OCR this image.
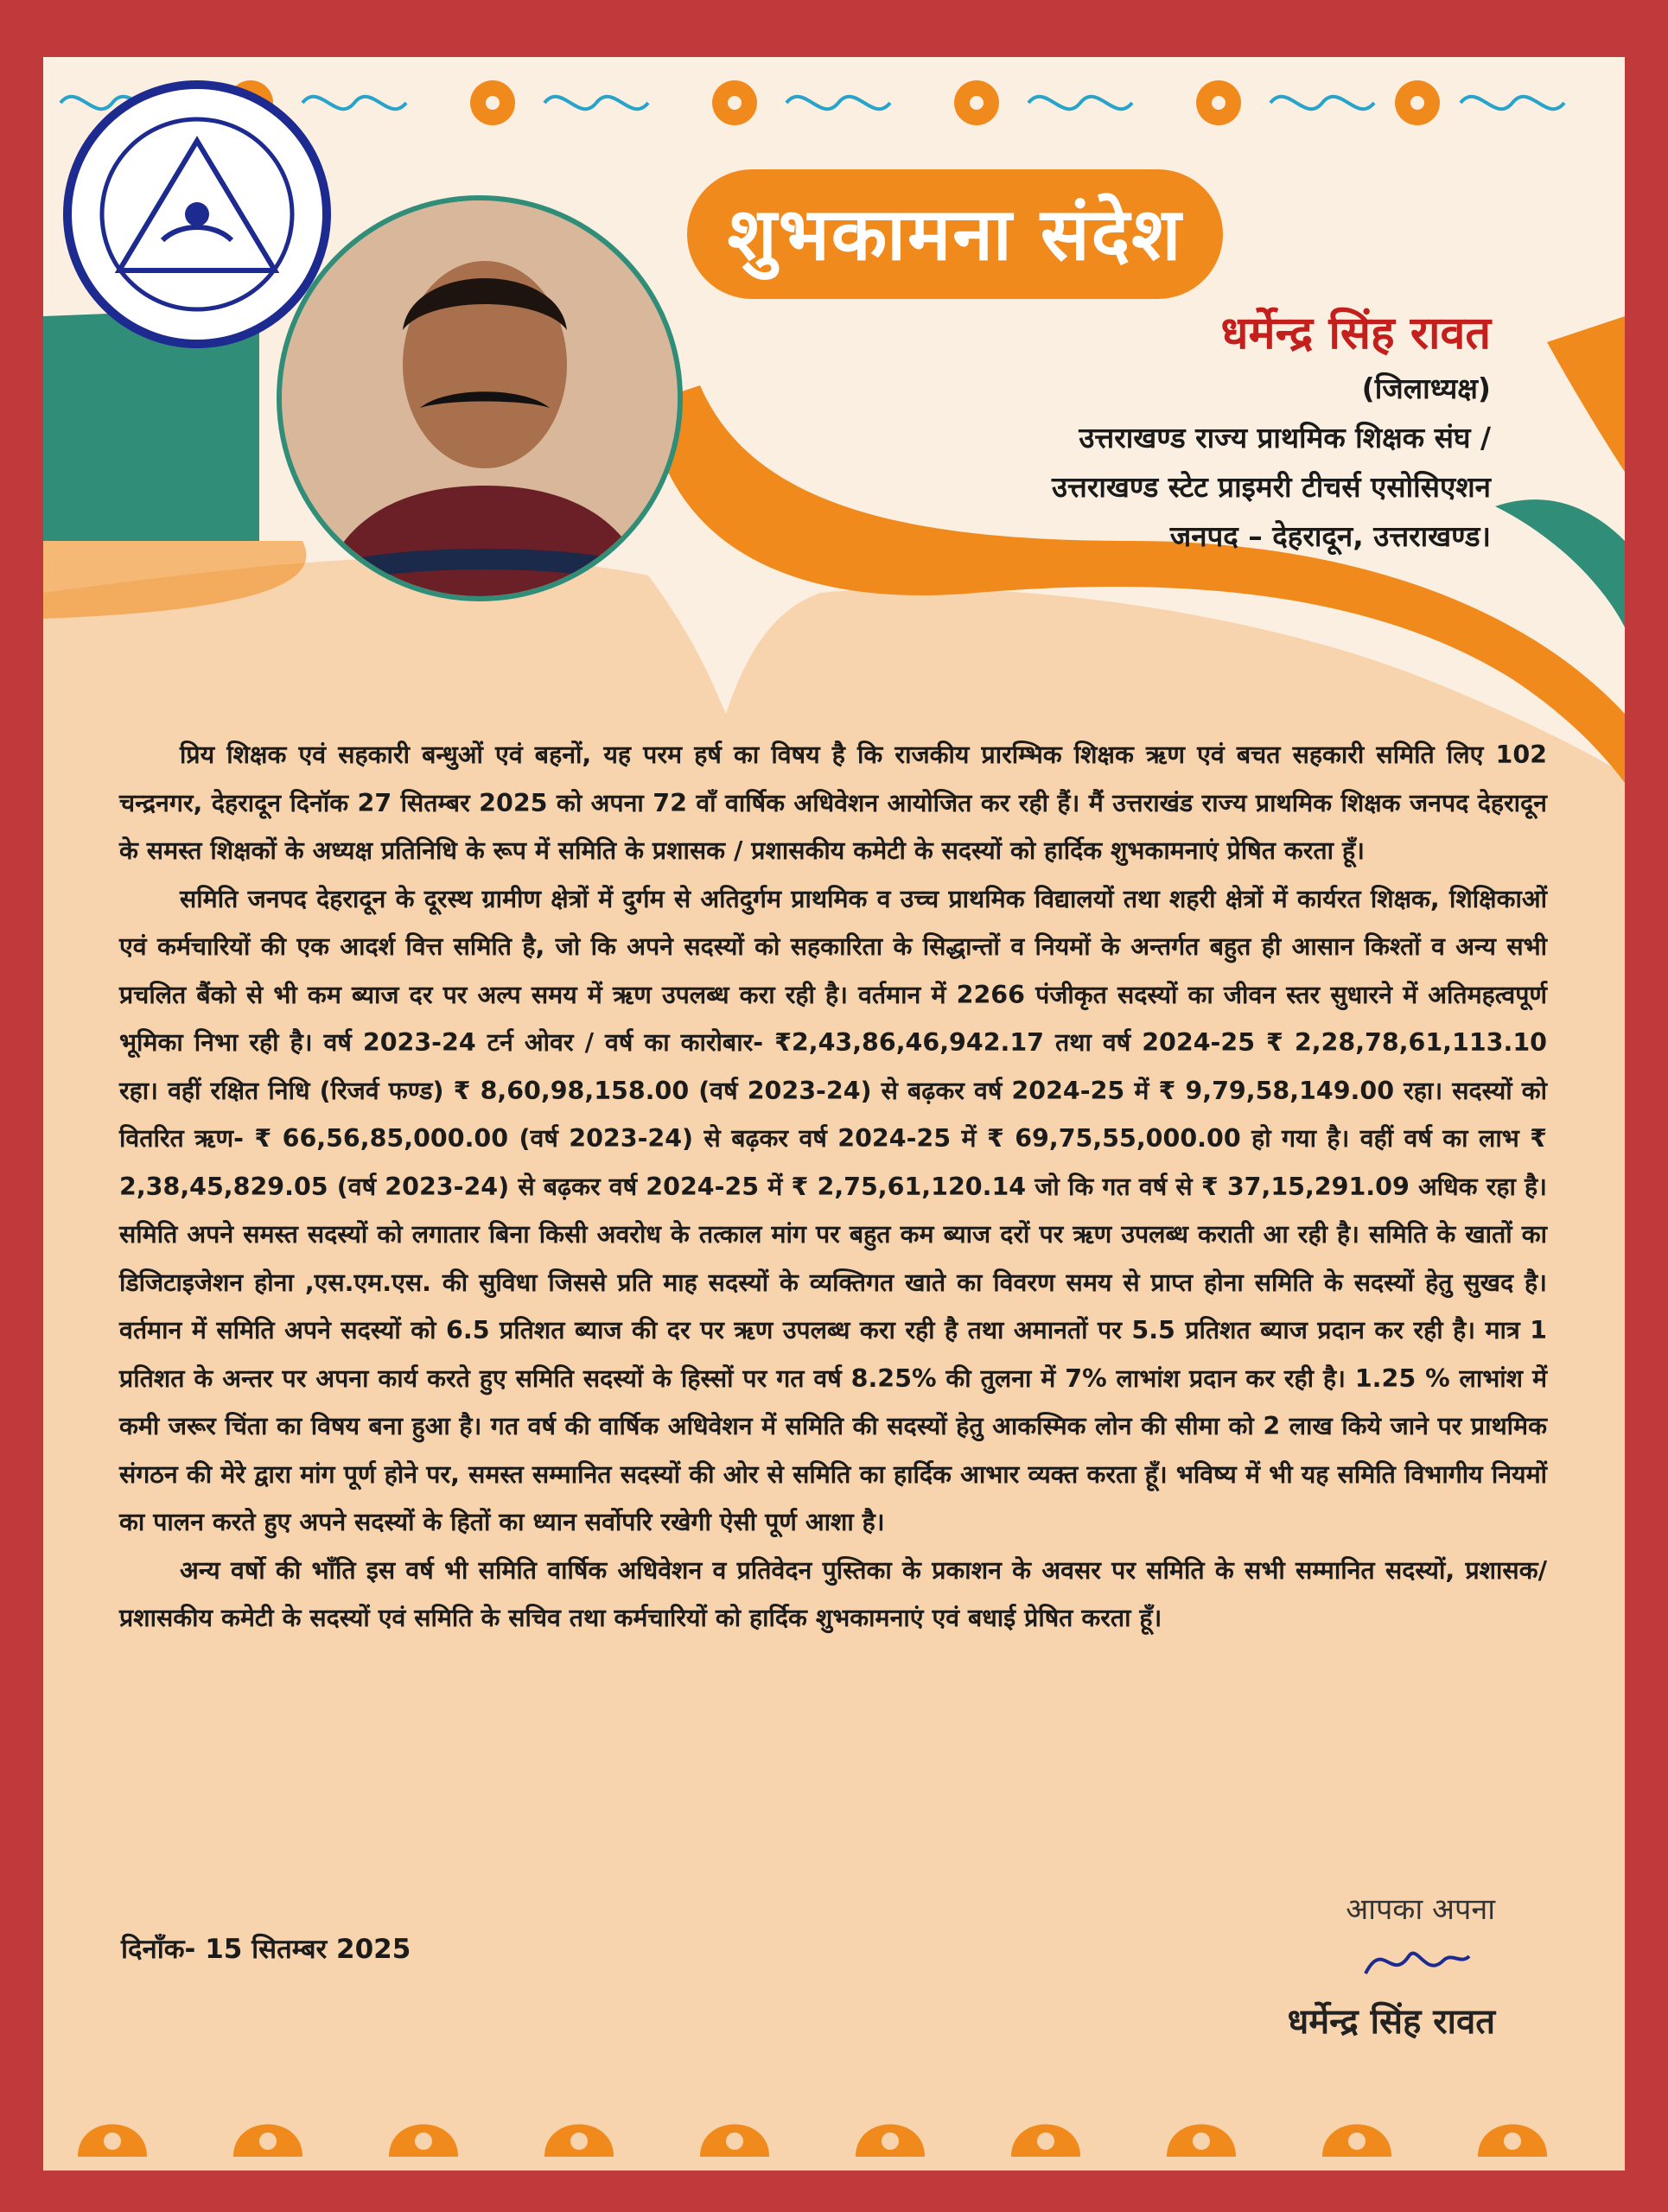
शुभकामना संदेश
धर्मेन्द्र सिंह रावत
(जिलाध्यक्ष)
उत्तराखण्ड राज्य प्राथमिक शिक्षक संघ /
उत्तराखण्ड स्टेट प्राइमरी टीचर्स एसोसिएशन
जनपद – देहरादून, उत्तराखण्ड।

प्रिय शिक्षक एवं सहकारी बन्धुओं एवं बहनों, यह परम हर्ष का विषय है कि राजकीय प्रारम्भिक शिक्षक ऋण एवं बचत सहकारी समिति लिए 102 चन्द्रनगर, देहरादून दिनॉक 27 सितम्बर 2025 को अपना 72 वाँ वार्षिक अधिवेशन आयोजित कर रही हैं। मैं उत्तराखंड राज्य प्राथमिक शिक्षक जनपद देहरादून के समस्त शिक्षकों के अध्यक्ष प्रतिनिधि के रूप में समिति के प्रशासक / प्रशासकीय कमेटी के सदस्यों को हार्दिक शुभकामनाएं प्रेषित करता हूँ।

समिति जनपद देहरादून के दूरस्थ ग्रामीण क्षेत्रों में दुर्गम से अतिदुर्गम प्राथमिक व उच्च प्राथमिक विद्यालयों तथा शहरी क्षेत्रों में कार्यरत शिक्षक, शिक्षिकाओं एवं कर्मचारियों की एक आदर्श वित्त समिति है, जो कि अपने सदस्यों को सहकारिता के सिद्धान्तों व नियमों के अन्तर्गत बहुत ही आसान किश्तों व अन्य सभी प्रचलित बैंको से भी कम ब्याज दर पर अल्प समय में ऋण उपलब्ध करा रही है। वर्तमान में 2266 पंजीकृत सदस्यों का जीवन स्तर सुधारने में अतिमहत्वपूर्ण भूमिका निभा रही है। वर्ष 2023-24 टर्न ओवर / वर्ष का कारोबार- ₹2,43,86,46,942.17 तथा वर्ष 2024-25 ₹ 2,28,78,61,113.10 रहा। वहीं रक्षित निधि (रिजर्व फण्ड) ₹ 8,60,98,158.00 (वर्ष 2023-24) से बढ़कर वर्ष 2024-25 में ₹ 9,79,58,149.00 रहा। सदस्यों को वितरित ऋण- ₹ 66,56,85,000.00 (वर्ष 2023-24) से बढ़कर वर्ष 2024-25 में ₹ 69,75,55,000.00 हो गया है। वहीं वर्ष का लाभ ₹ 2,38,45,829.05 (वर्ष 2023-24) से बढ़कर वर्ष 2024-25 में ₹ 2,75,61,120.14 जो कि गत वर्ष से ₹ 37,15,291.09 अधिक रहा है। समिति अपने समस्त सदस्यों को लगातार बिना किसी अवरोध के तत्काल मांग पर बहुत कम ब्याज दरों पर ऋण उपलब्ध कराती आ रही है। समिति के खातों का डिजिटाइजेशन होना ,एस.एम.एस. की सुविधा जिससे प्रति माह सदस्यों के व्यक्तिगत खाते का विवरण समय से प्राप्त होना समिति के सदस्यों हेतु सुखद है। वर्तमान में समिति अपने सदस्यों को 6.5 प्रतिशत ब्याज की दर पर ऋण उपलब्ध करा रही है तथा अमानतों पर 5.5 प्रतिशत ब्याज प्रदान कर रही है। मात्र 1 प्रतिशत के अन्तर पर अपना कार्य करते हुए समिति सदस्यों के हिस्सों पर गत वर्ष 8.25% की तुलना में 7% लाभांश प्रदान कर रही है। 1.25 % लाभांश में कमी जरूर चिंता का विषय बना हुआ है। गत वर्ष की वार्षिक अधिवेशन में समिति की सदस्यों हेतु आकस्मिक लोन की सीमा को 2 लाख किये जाने पर प्राथमिक संगठन की मेरे द्वारा मांग पूर्ण होने पर, समस्त सम्मानित सदस्यों की ओर से समिति का हार्दिक आभार व्यक्त करता हूँ। भविष्य में भी यह समिति विभागीय नियमों का पालन करते हुए अपने सदस्यों के हितों का ध्यान सर्वोपरि रखेगी ऐसी पूर्ण आशा है।

अन्य वर्षो की भाँति इस वर्ष भी समिति वार्षिक अधिवेशन व प्रतिवेदन पुस्तिका के प्रकाशन के अवसर पर समिति के सभी सम्मानित सदस्यों, प्रशासक/प्रशासकीय कमेटी के सदस्यों एवं समिति के सचिव तथा कर्मचारियों को हार्दिक शुभकामनाएं एवं बधाई प्रेषित करता हूँ।

दिनॉंक- 15 सितम्बर 2025
आपका अपना
धर्मेन्द्र सिंह रावत
